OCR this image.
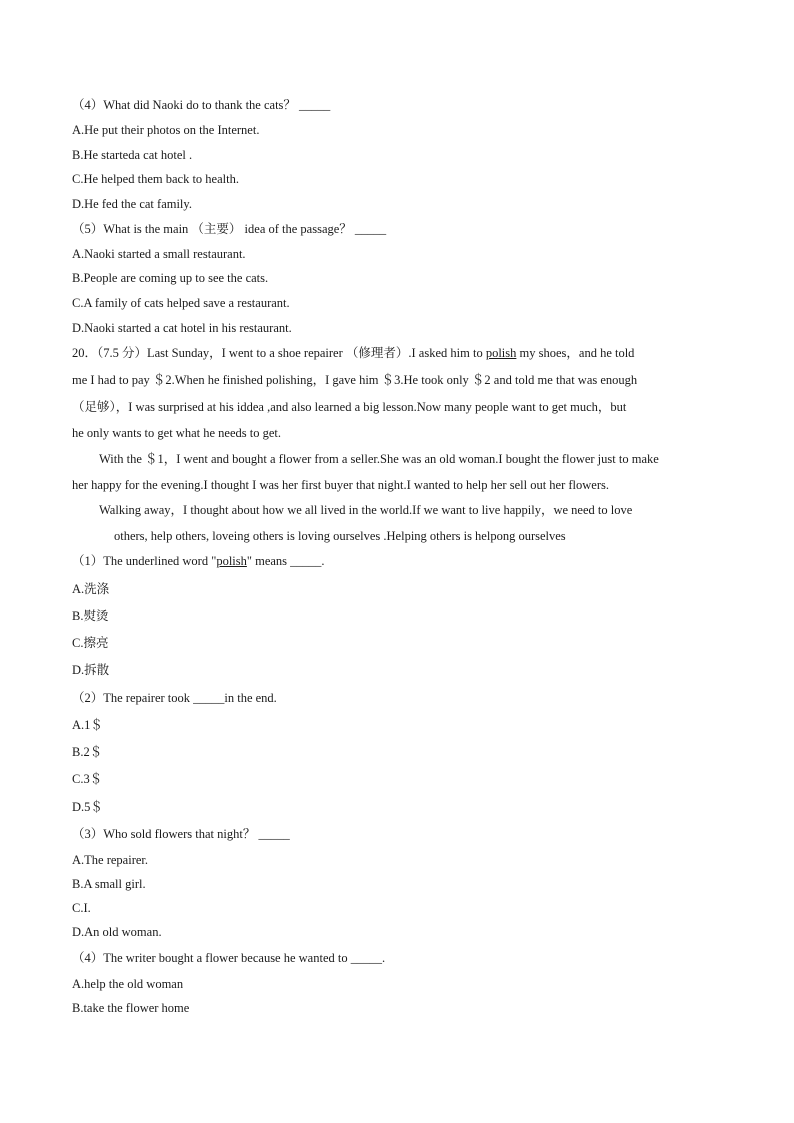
（4）What did Naoki do to thank the cats？ _____
A.He put their photos on the Internet.
B.He starteda cat hotel .
C.He helped them back to health.
D.He fed the cat family.
（5）What is the main （主要） idea of the passage？ _____
A.Naoki started a small restaurant.
B.People are coming up to see the cats.
C.A family of cats helped save a restaurant.
D.Naoki started a cat hotel in his restaurant.
20．（7.5 分）Last Sunday，I went to a shoe repairer （修理者）.I asked him to polish my shoes，and he told
me I had to pay ＄2.When he finished polishing，I gave him ＄3.He took only ＄2 and told me that was enough
（足够），I was surprised at his iddea ,and also learned a big lesson.Now many people want to get much，but
he only wants to get what he needs to get.
With the ＄1，I went and bought a flower from a seller.She was an old woman.I bought the flower just to make
her happy for the evening.I thought I was her first buyer that night.I wanted to help her sell out her flowers.
Walking away，I thought about how we all lived in the world.If we want to live happily，we need to love
others, help others, loveing others is loving ourselves .Helping others is helpong ourselves
（1）The underlined word "polish" means _____.
A.洗涤
B.熨烫
C.擦亮
D.拆散
（2）The repairer took _____in the end.
A.1＄
B.2＄
C.3＄
D.5＄
（3）Who sold flowers that night？ _____
A.The repairer.
B.A small girl.
C.I.
D.An old woman.
（4）The writer bought a flower because he wanted to _____.
A.help the old woman
B.take the flower home
